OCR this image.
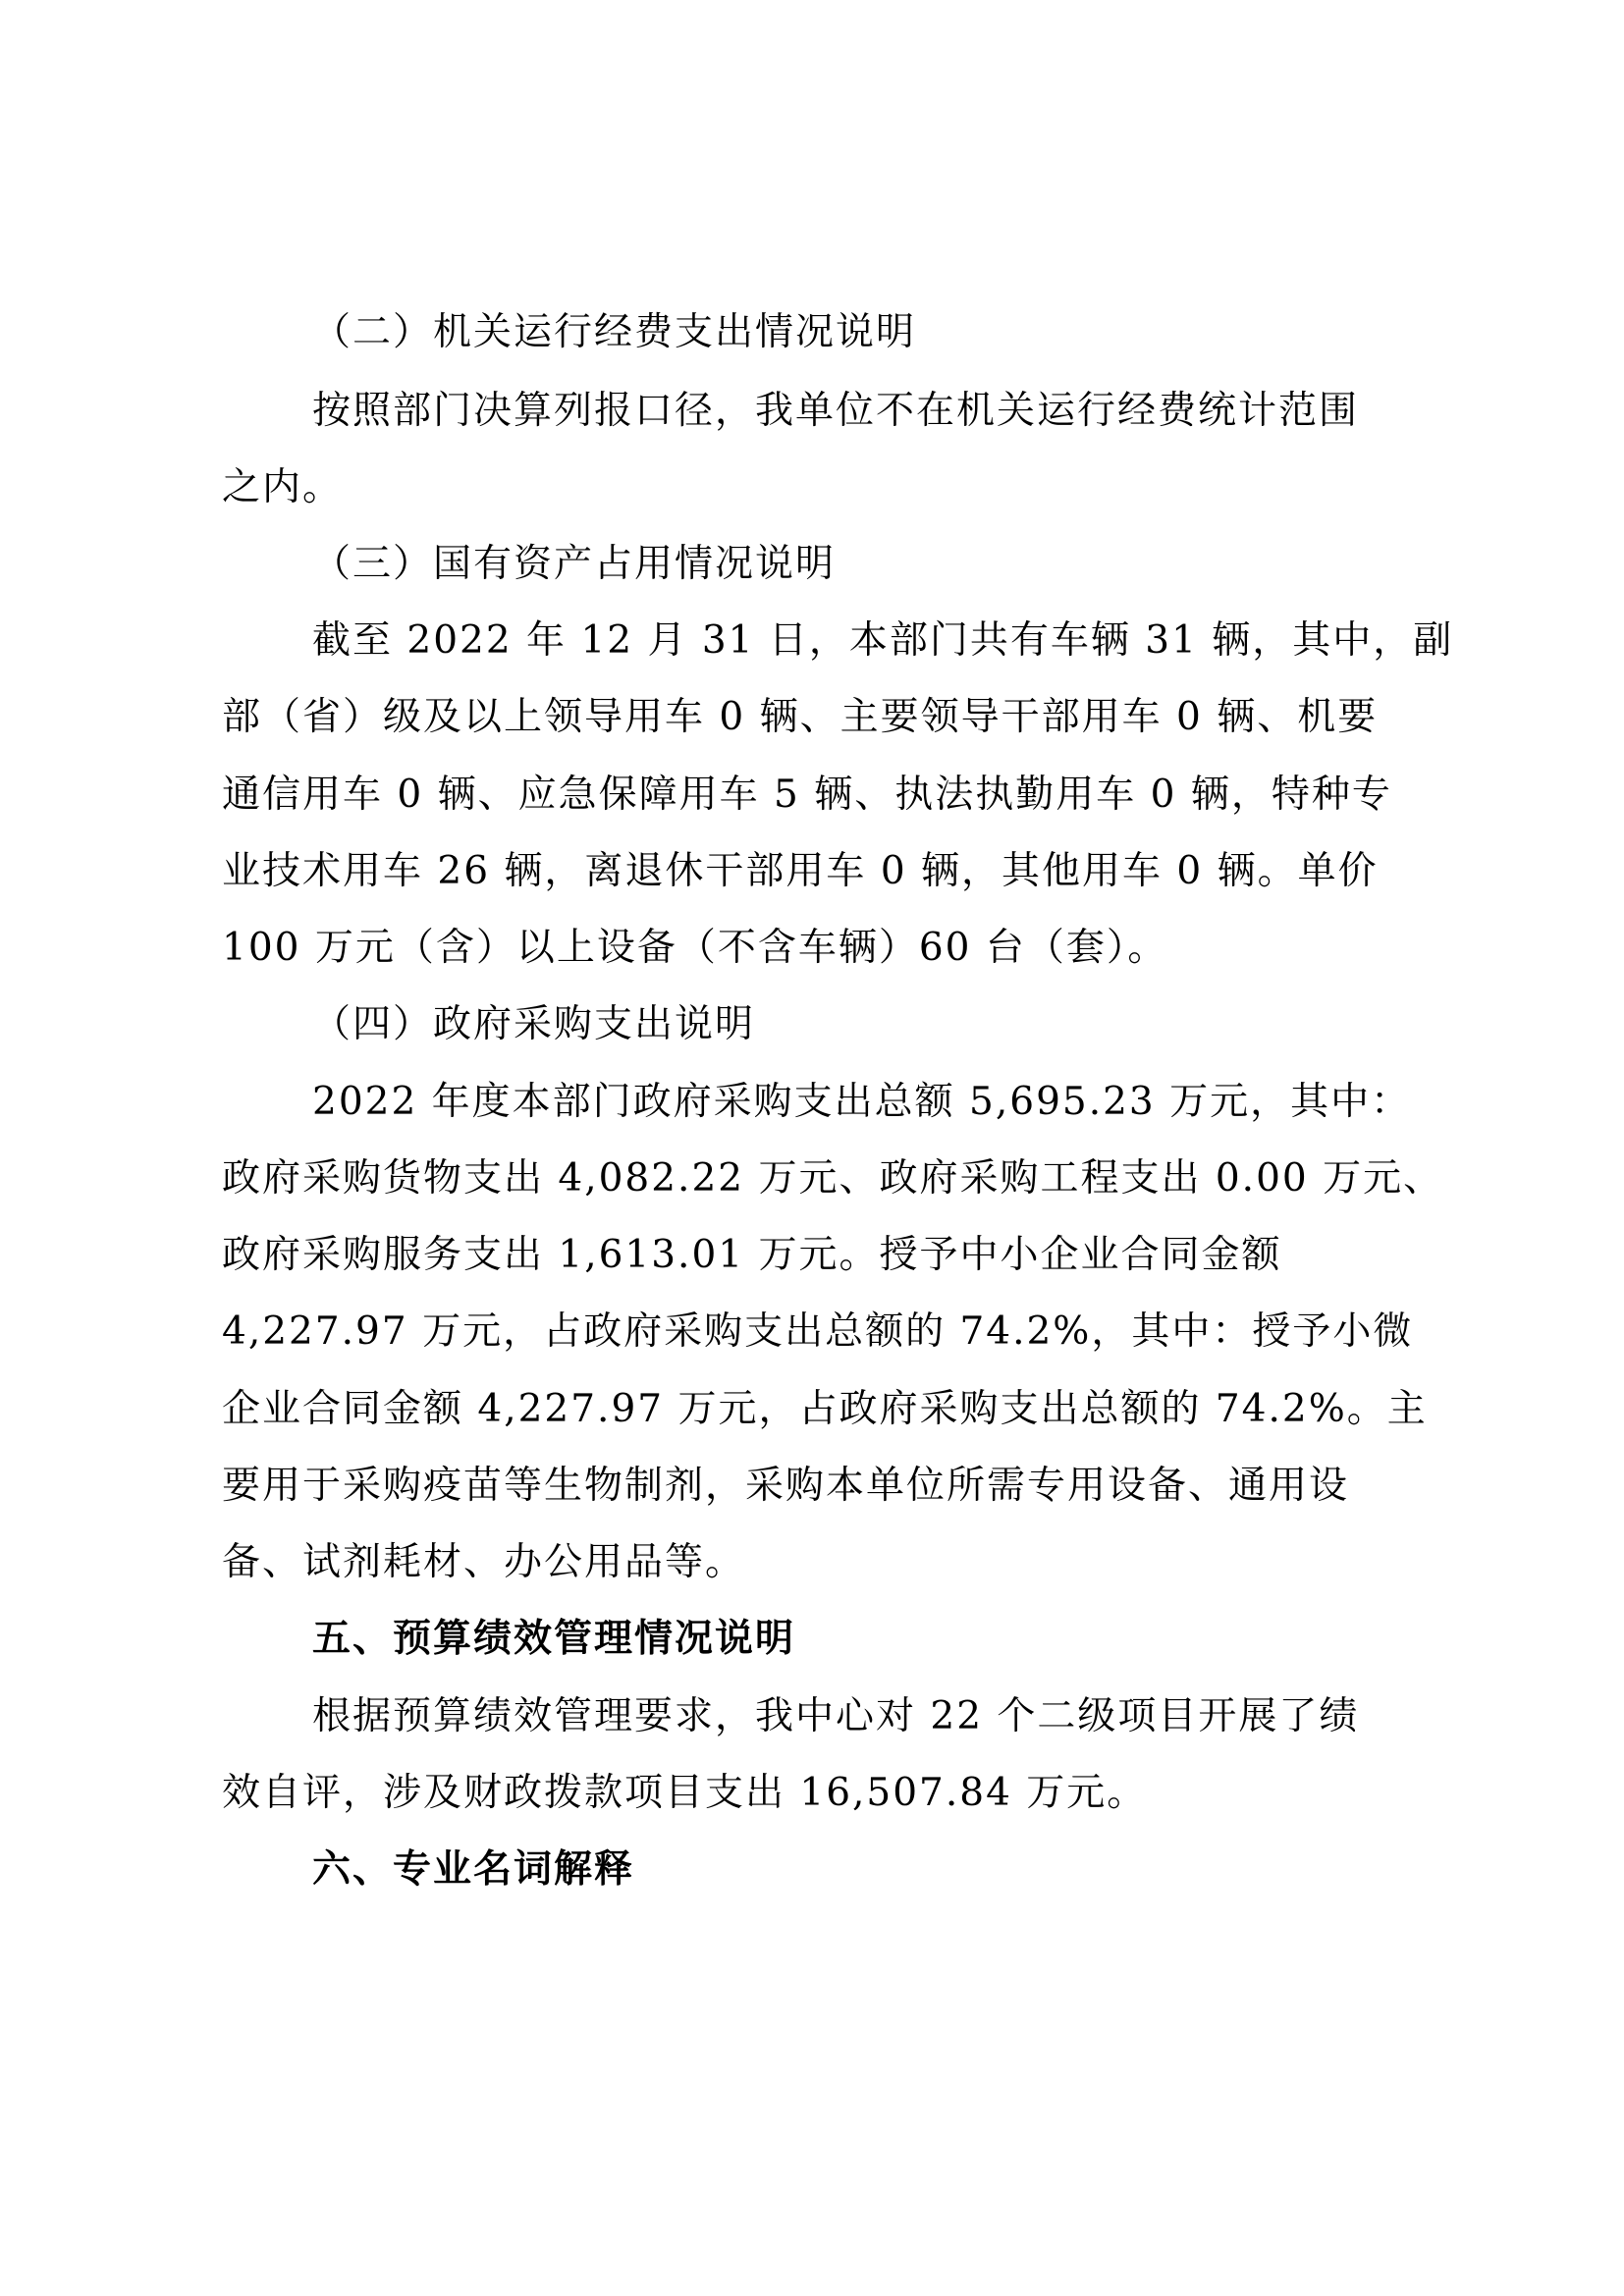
（二）机关运行经费支出情况说明
按照部门决算列报口径，我单位不在机关运行经费统计范围
之内。
（三）国有资产占用情况说明
截至 2022 年 12 月 31 日，本部门共有车辆 31 辆，其中，副
部（省）级及以上领导用车 0 辆、主要领导干部用车 0 辆、机要
通信用车 0 辆、应急保障用车 5 辆、执法执勤用车 0 辆，特种专
业技术用车 26 辆，离退休干部用车 0 辆，其他用车 0 辆。单价
100 万元（含）以上设备（不含车辆）60 台（套）。
（四）政府采购支出说明
2022 年度本部门政府采购支出总额 5,695.23 万元，其中：
政府采购货物支出 4,082.22 万元、政府采购工程支出 0.00 万元、
政府采购服务支出 1,613.01 万元。授予中小企业合同金额
4,227.97 万元，占政府采购支出总额的 74.2%，其中：授予小微
企业合同金额 4,227.97 万元，占政府采购支出总额的 74.2%。主
要用于采购疫苗等生物制剂，采购本单位所需专用设备、通用设
备、试剂耗材、办公用品等。
五、预算绩效管理情况说明
根据预算绩效管理要求，我中心对 22 个二级项目开展了绩
效自评，涉及财政拨款项目支出 16,507.84 万元。
六、专业名词解释
